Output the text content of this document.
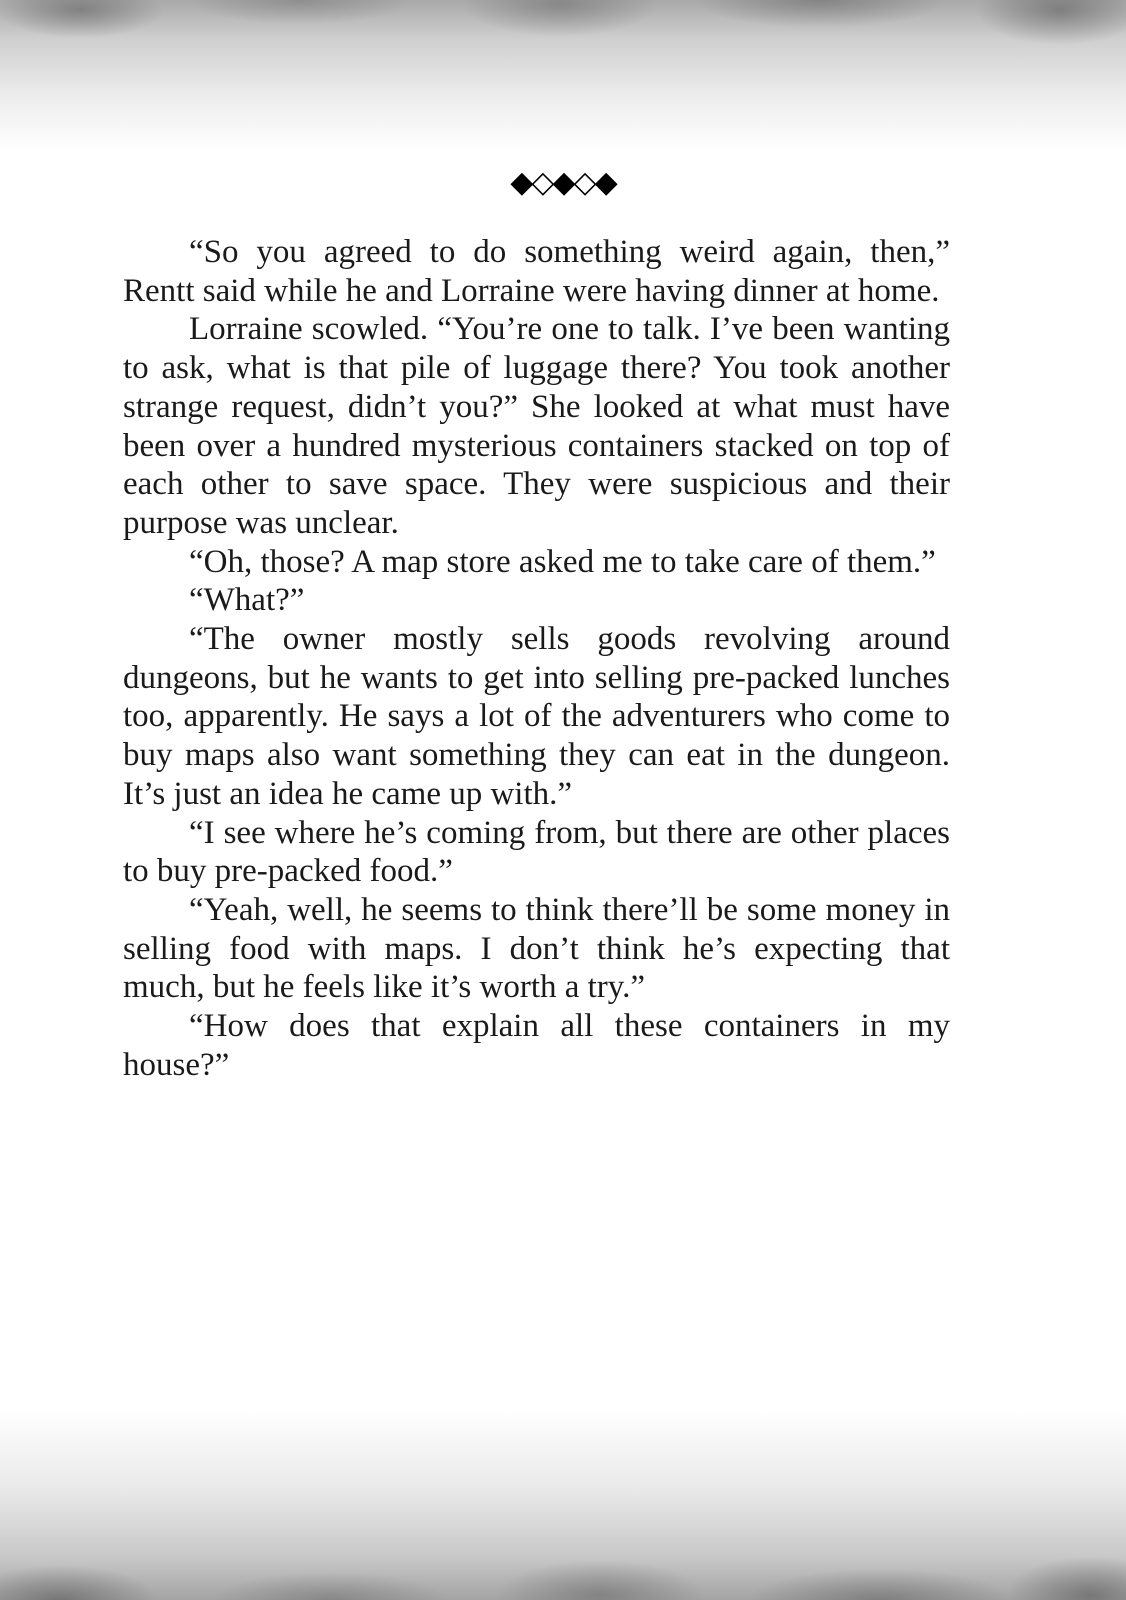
◆◇◆◇◆

“So you agreed to do something weird again, then,” Rentt said while he and Lorraine were having dinner at home.

Lorraine scowled. “You’re one to talk. I’ve been wanting to ask, what is that pile of luggage there? You took another strange request, didn’t you?” She looked at what must have been over a hundred mysterious containers stacked on top of each other to save space. They were suspicious and their purpose was unclear.

“Oh, those? A map store asked me to take care of them.”

“What?”

“The owner mostly sells goods revolving around dungeons, but he wants to get into selling pre-packed lunches too, apparently. He says a lot of the adventurers who come to buy maps also want something they can eat in the dungeon. It’s just an idea he came up with.”

“I see where he’s coming from, but there are other places to buy pre-packed food.”

“Yeah, well, he seems to think there’ll be some money in selling food with maps. I don’t think he’s expecting that much, but he feels like it’s worth a try.”

“How does that explain all these containers in my house?”
